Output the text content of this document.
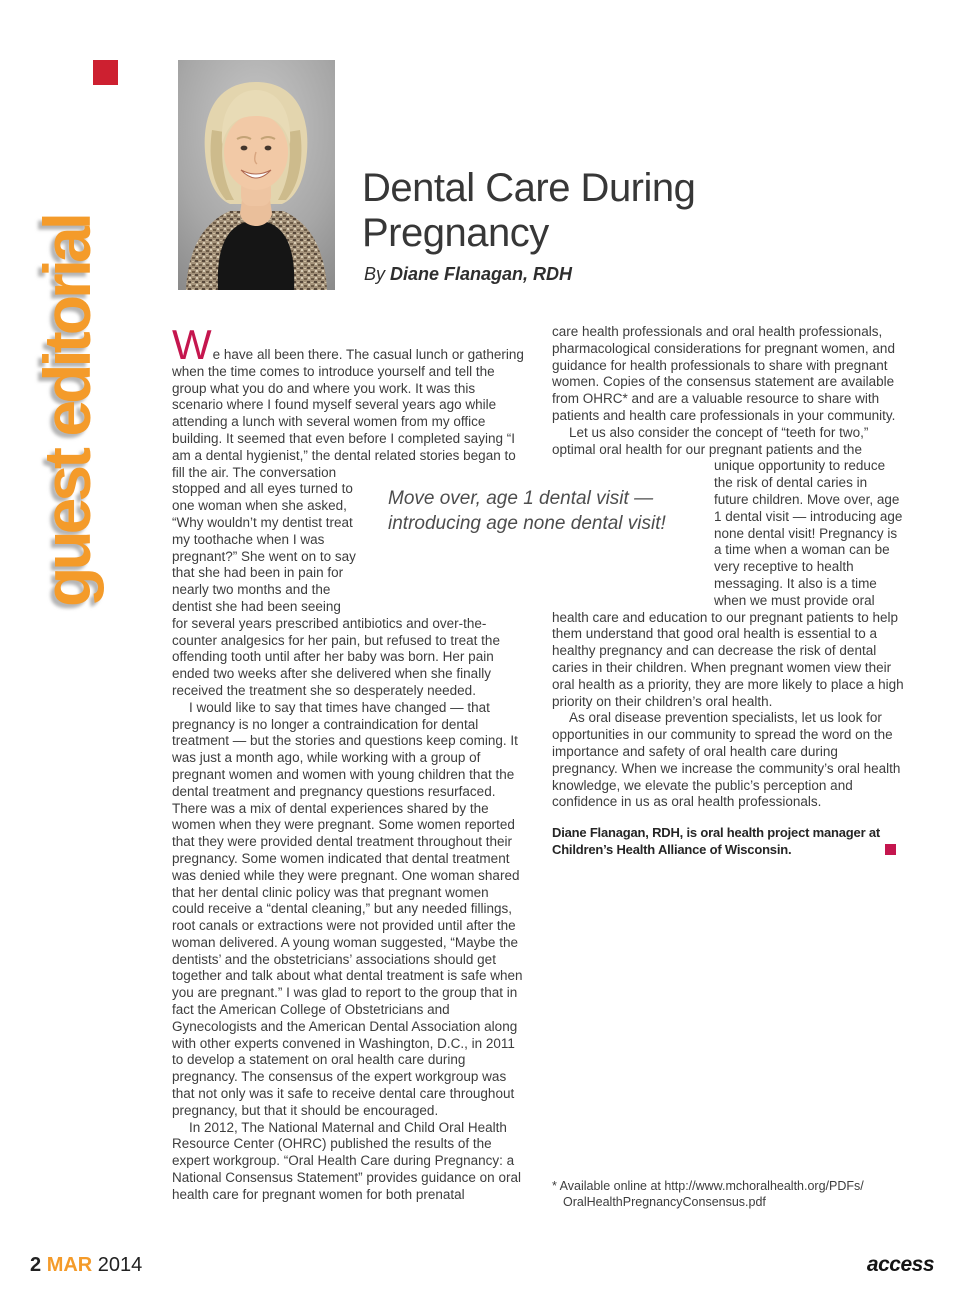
guest editorial
Dental Care During Pregnancy
By Diane Flanagan, RDH
Move over, age 1 dental visit — introducing age none dental visit!

We have all been there. The casual lunch or gathering when the time comes to introduce yourself and tell the group what you do and where you work. It was this scenario where I found myself several years ago while attending a lunch with several women from my office building. It seemed that even before I completed saying “I am a dental hygienist,” the dental related stories began to
fill the air. The conversation stopped and all eyes turned to one woman when she asked, “Why wouldn’t my dentist treat my toothache when I was pregnant?” She went on to say that she had been in pain for nearly two months and the dentist she had been seeing for several years prescribed antibiotics and over-the-counter analgesics for her pain, but refused to treat the offending tooth until after her baby was born. Her pain ended two weeks after she delivered when she finally received the treatment she so desperately needed.

I would like to say that times have changed — that pregnancy is no longer a contraindication for dental treatment — but the stories and questions keep coming. It was just a month ago, while working with a group of pregnant women and women with young children that the dental treatment and pregnancy questions resurfaced. There was a mix of dental experiences shared by the women when they were pregnant. Some women reported that they were provided dental treatment throughout their pregnancy. Some women indicated that dental treatment was denied while they were pregnant. One woman shared that her dental clinic policy was that pregnant women could receive a “dental cleaning,” but any needed fillings, root canals or extractions were not provided until after the woman delivered. A young woman suggested, “Maybe the dentists’ and the obstetricians’ associations should get together and talk about what dental treatment is safe when you are pregnant.” I was glad to report to the group that in fact the American College of Obstetricians and Gynecologists and the American Dental Association along with other experts convened in Washington, D.C., in 2011 to develop a statement on oral health care during pregnancy. The consensus of the expert workgroup was that not only was it safe to receive dental care throughout pregnancy, but that it should be encouraged.

In 2012, The National Maternal and Child Oral Health Resource Center (OHRC) published the results of the expert workgroup. “Oral Health Care during Pregnancy: a National Consensus Statement” provides guidance on oral health care for pregnant women for both prenatal

care health professionals and oral health professionals, pharmacological considerations for pregnant women, and guidance for health professionals to share with pregnant women. Copies of the consensus statement are available from OHRC* and are a valuable resource to share with patients and health care professionals in your community.

Let us also consider the concept of “teeth for two,” optimal oral health for our pregnant patients and the
unique opportunity to reduce the risk of dental caries in future children. Move over, age 1 dental visit — introducing age none dental visit! Pregnancy is a time when a woman can be very receptive to health messaging. It also is a time when we must provide oral health care and education to our pregnant patients to help them understand that good oral health is essential to a healthy pregnancy and can decrease the risk of dental caries in their children. When pregnant women view their oral health as a priority, they are more likely to place a high priority on their children’s oral health.

As oral disease prevention specialists, let us look for opportunities in our community to spread the word on the importance and safety of oral health care during pregnancy. When we increase the community’s oral health knowledge, we elevate the public’s perception and confidence in us as oral health professionals.

Diane Flanagan, RDH, is oral health project manager at Children’s Health Alliance of Wisconsin.
* Available online at http://www.mchoralhealth.org/PDFs/
OralHealthPregnancyConsensus.pdf
2 MAR 2014	access
